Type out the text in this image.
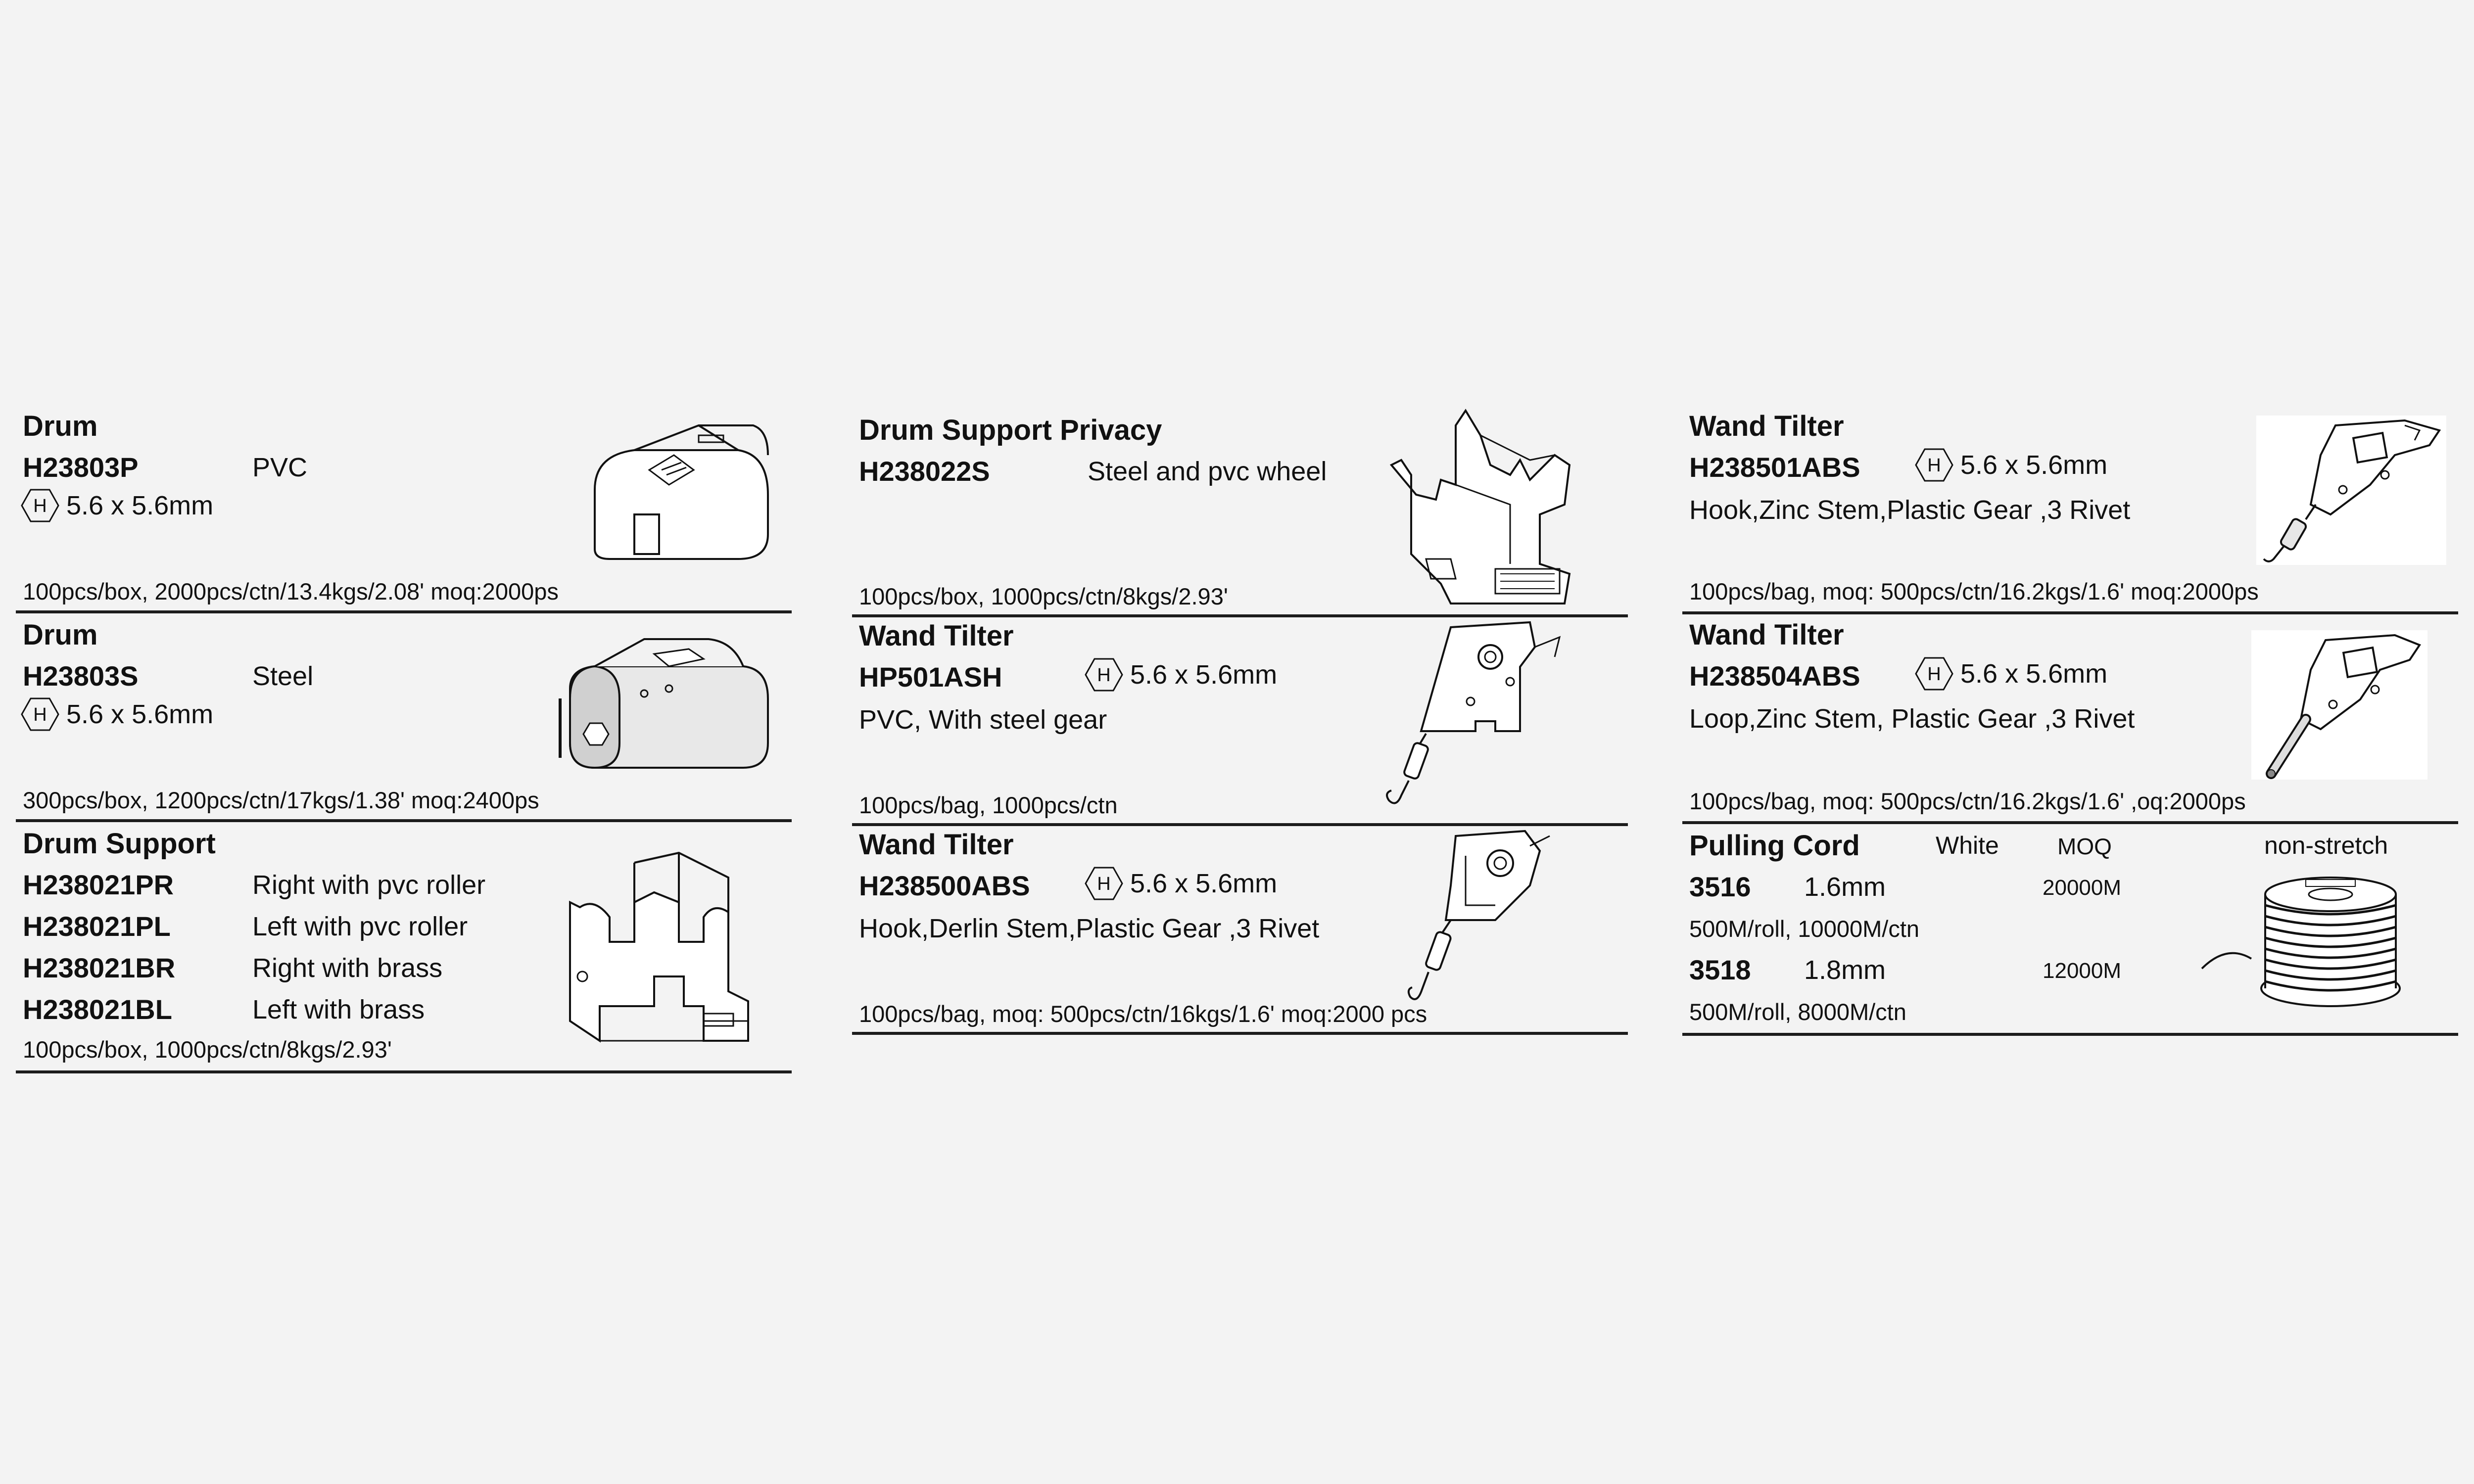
Drum
H23803P	PVC
H 5.6 x 5.6mm
100pcs/box, 2000pcs/ctn/13.4kgs/2.08' moq:2000ps
Drum
H23803S	Steel
H 5.6 x 5.6mm
300pcs/box, 1200pcs/ctn/17kgs/1.38' moq:2400ps
Drum Support
H238021PR	Right with pvc roller
H238021PL	Left with pvc roller
H238021BR	Right with brass
H238021BL	Left with brass
100pcs/box, 1000pcs/ctn/8kgs/2.93'
Drum Support Privacy
H238022S	Steel and pvc wheel
100pcs/box, 1000pcs/ctn/8kgs/2.93'
Wand Tilter
HP501ASH	H 5.6 x 5.6mm
PVC, With steel gear
100pcs/bag, 1000pcs/ctn
Wand Tilter
H238500ABS	H 5.6 x 5.6mm
Hook,Derlin Stem,Plastic Gear ,3 Rivet
100pcs/bag, moq: 500pcs/ctn/16kgs/1.6' moq:2000 pcs
Wand Tilter
H238501ABS	H 5.6 x 5.6mm
Hook,Zinc Stem,Plastic Gear ,3 Rivet
100pcs/bag, moq: 500pcs/ctn/16.2kgs/1.6' moq:2000ps
Wand Tilter
H238504ABS	H 5.6 x 5.6mm
Loop,Zinc Stem, Plastic Gear ,3 Rivet
100pcs/bag, moq: 500pcs/ctn/16.2kgs/1.6' ,oq:2000ps
Pulling Cord	White	MOQ	non-stretch
3516 1.6mm	20000M
500M/roll, 10000M/ctn
3518 1.8mm	12000M
500M/roll, 8000M/ctn
